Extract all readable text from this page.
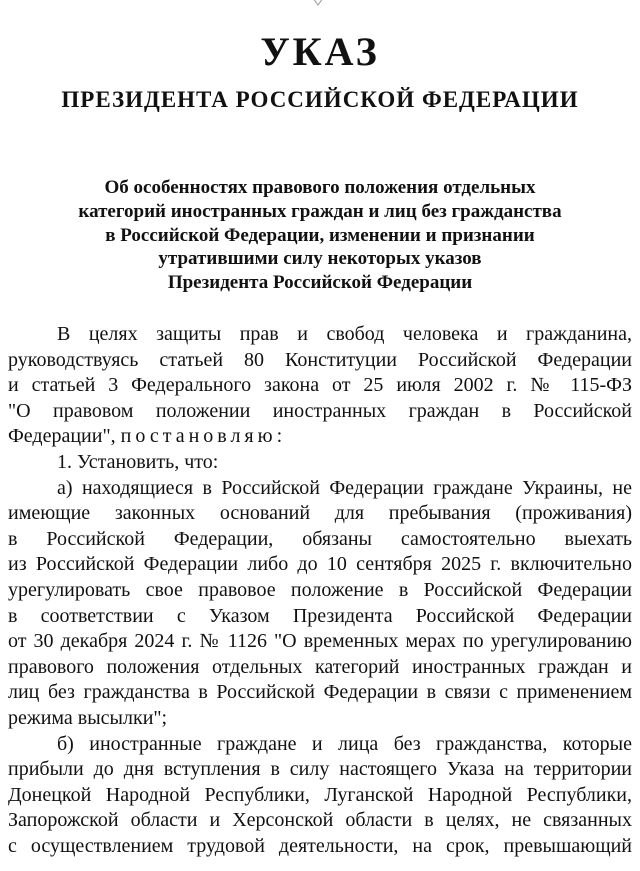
УКАЗ
ПРЕЗИДЕНТА РОССИЙСКОЙ ФЕДЕРАЦИИ
Об особенностях правового положения отдельных
категорий иностранных граждан и лиц без гражданства
в Российской Федерации, изменении и признании
утратившими силу некоторых указов
Президента Российской Федерации
В целях защиты прав и свобод человека и гражданина,
руководствуясь статьей 80 Конституции Российской Федерации
и статьей 3 Федерального закона от 25 июля 2002 г. № 115-ФЗ
"О правовом положении иностранных граждан в Российской
Федерации", постановляю:
1. Установить, что:
а) находящиеся в Российской Федерации граждане Украины, не
имеющие законных оснований для пребывания (проживания)
в Российской Федерации, обязаны самостоятельно выехать
из Российской Федерации либо до 10 сентября 2025 г. включительно
урегулировать свое правовое положение в Российской Федерации
в соответствии с Указом Президента Российской Федерации
от 30 декабря 2024 г. № 1126 "О временных мерах по урегулированию
правового положения отдельных категорий иностранных граждан и
лиц без гражданства в Российской Федерации в связи с применением
режима высылки";
б) иностранные граждане и лица без гражданства, которые
прибыли до дня вступления в силу настоящего Указа на территории
Донецкой Народной Республики, Луганской Народной Республики,
Запорожской области и Херсонской области в целях, не связанных
с осуществлением трудовой деятельности, на срок, превышающий
